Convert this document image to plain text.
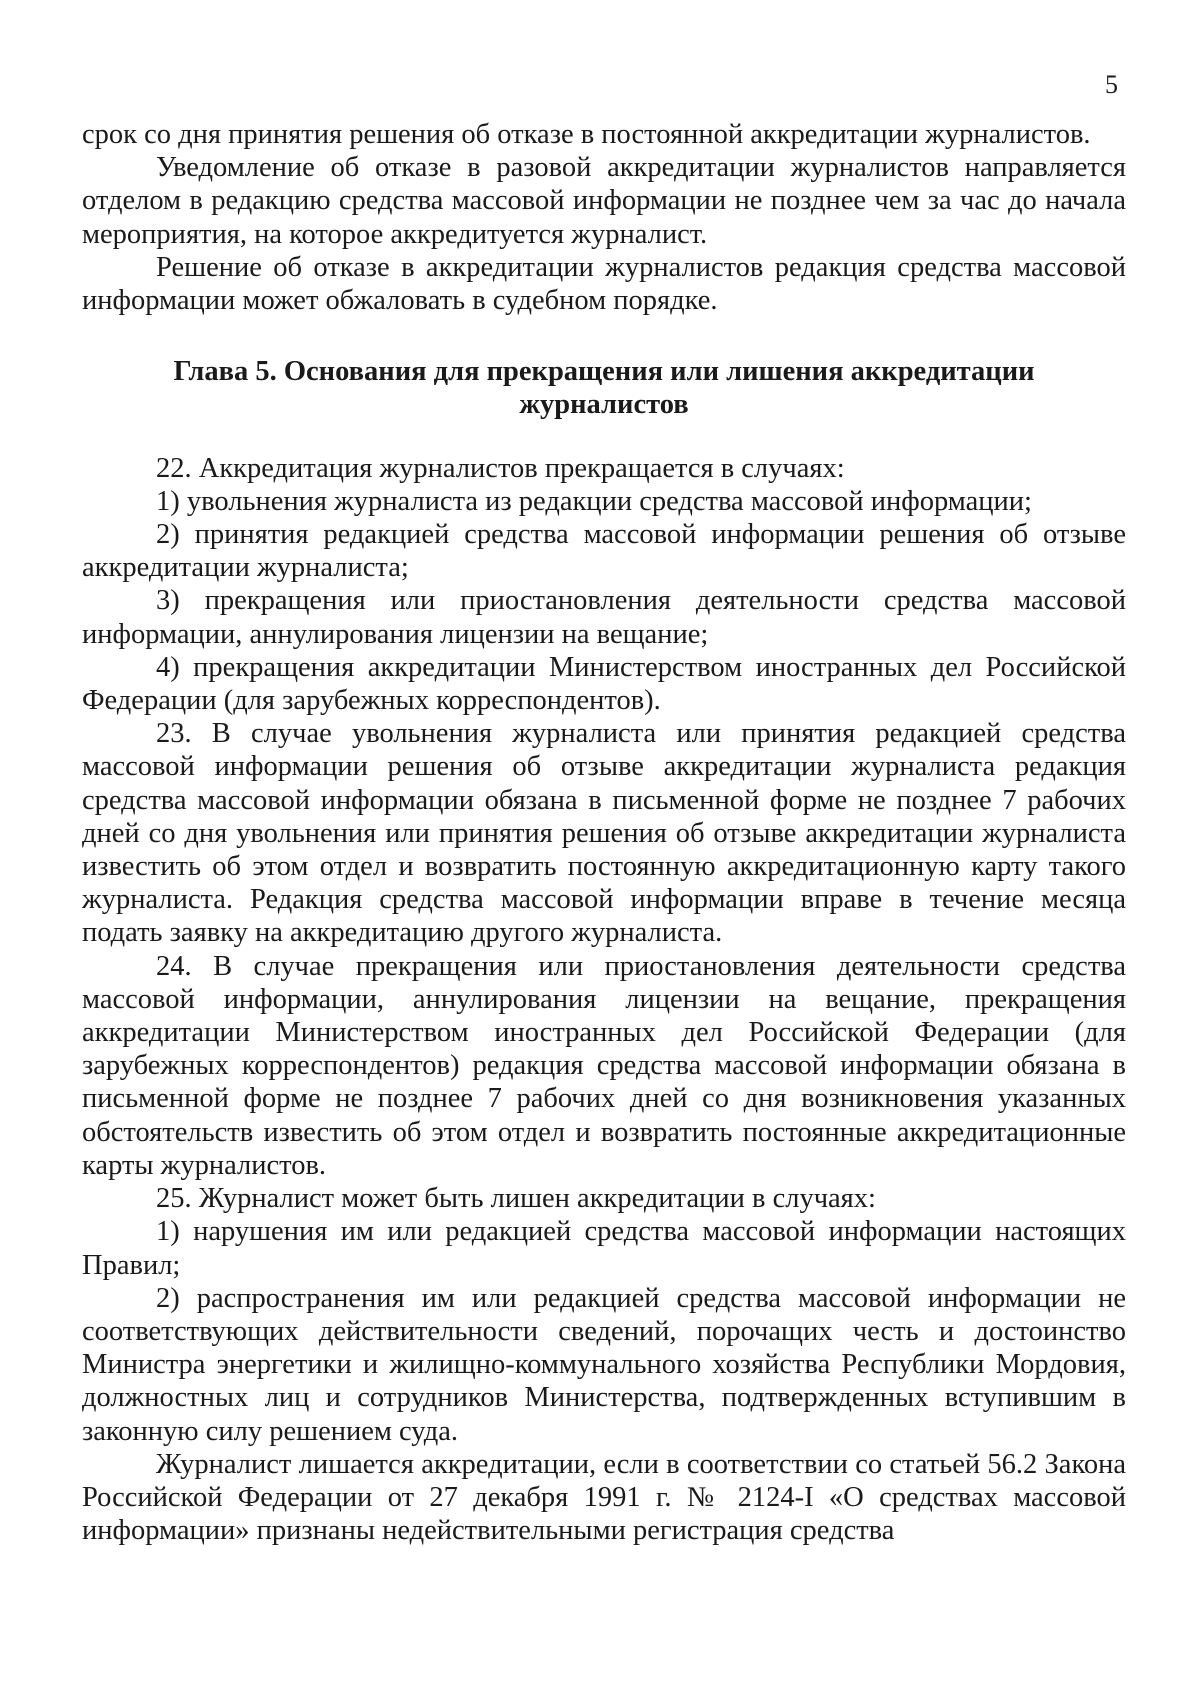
5

срок со дня принятия решения об отказе в постоянной аккредитации журналистов.

Уведомление об отказе в разовой аккредитации журналистов направляется отделом в редакцию средства массовой информации не позднее чем за час до начала мероприятия, на которое аккредитуется журналист.

Решение об отказе в аккредитации журналистов редакция средства массовой информации может обжаловать в судебном порядке.

Глава 5. Основания для прекращения или лишения аккредитации журналистов

22. Аккредитация журналистов прекращается в случаях:

1) увольнения журналиста из редакции средства массовой информации;

2) принятия редакцией средства массовой информации решения об отзыве аккредитации журналиста;

3) прекращения или приостановления деятельности средства массовой информации, аннулирования лицензии на вещание;

4) прекращения аккредитации Министерством иностранных дел Российской Федерации (для зарубежных корреспондентов).

23. В случае увольнения журналиста или принятия редакцией средства массовой информации решения об отзыве аккредитации журналиста редакция средства массовой информации обязана в письменной форме не позднее 7 рабочих дней со дня увольнения или принятия решения об отзыве аккредитации журналиста известить об этом отдел и возвратить постоянную аккредитационную карту такого журналиста. Редакция средства массовой информации вправе в течение месяца подать заявку на аккредитацию другого журналиста.

24. В случае прекращения или приостановления деятельности средства массовой информации, аннулирования лицензии на вещание, прекращения аккредитации Министерством иностранных дел Российской Федерации (для зарубежных корреспондентов) редакция средства массовой информации обязана в письменной форме не позднее 7 рабочих дней со дня возникновения указанных обстоятельств известить об этом отдел и возвратить постоянные аккредитационные карты журналистов.

25. Журналист может быть лишен аккредитации в случаях:

1) нарушения им или редакцией средства массовой информации настоящих Правил;

2) распространения им или редакцией средства массовой информации не соответствующих действительности сведений, порочащих честь и достоинство Министра энергетики и жилищно-коммунального хозяйства Республики Мордовия, должностных лиц и сотрудников Министерства, подтвержденных вступившим в законную силу решением суда.

Журналист лишается аккредитации, если в соответствии со статьей 56.2 Закона Российской Федерации от 27 декабря 1991 г. № 2124-I «О средствах массовой информации» признаны недействительными регистрация средства
